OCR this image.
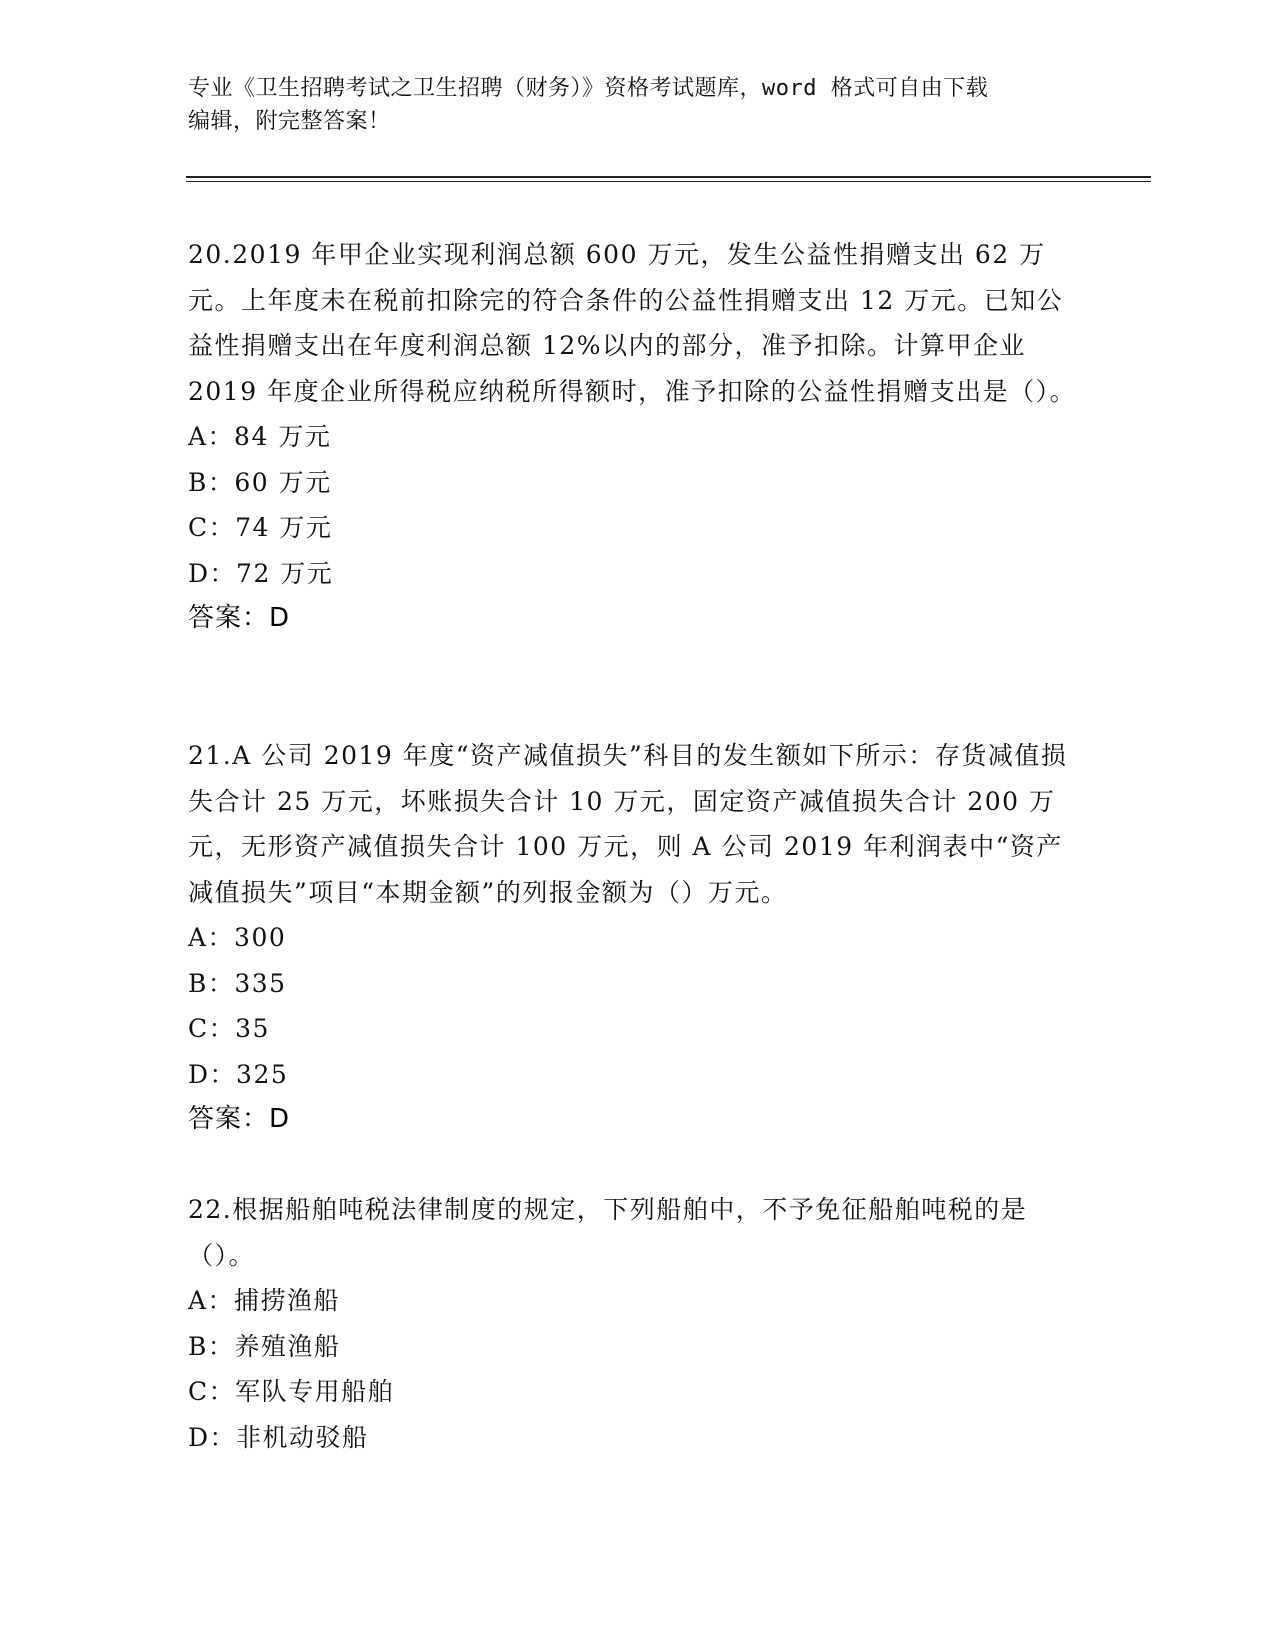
专业《卫生招聘考试之卫生招聘（财务）》资格考试题库，word 格式可自由下载
编辑，附完整答案！

20.2019 年甲企业实现利润总额 600 万元，发生公益性捐赠支出 62 万元。上年度未在税前扣除完的符合条件的公益性捐赠支出 12 万元。已知公益性捐赠支出在年度利润总额 12%以内的部分，准予扣除。计算甲企业 2019 年度企业所得税应纳税所得额时，准予扣除的公益性捐赠支出是（）。

A：84 万元

B：60 万元

C：74 万元

D：72 万元

答案：D

21.A 公司 2019 年度“资产减值损失”科目的发生额如下所示：存货减值损失合计 25 万元，坏账损失合计 10 万元，固定资产减值损失合计 200 万元，无形资产减值损失合计 100 万元，则 A 公司 2019 年利润表中“资产减值损失”项目“本期金额”的列报金额为（）万元。

A：300

B：335

C：35

D：325

答案：D

22.根据船舶吨税法律制度的规定，下列船舶中，不予免征船舶吨税的是（）。

A：捕捞渔船

B：养殖渔船

C：军队专用船舶

D：非机动驳船
